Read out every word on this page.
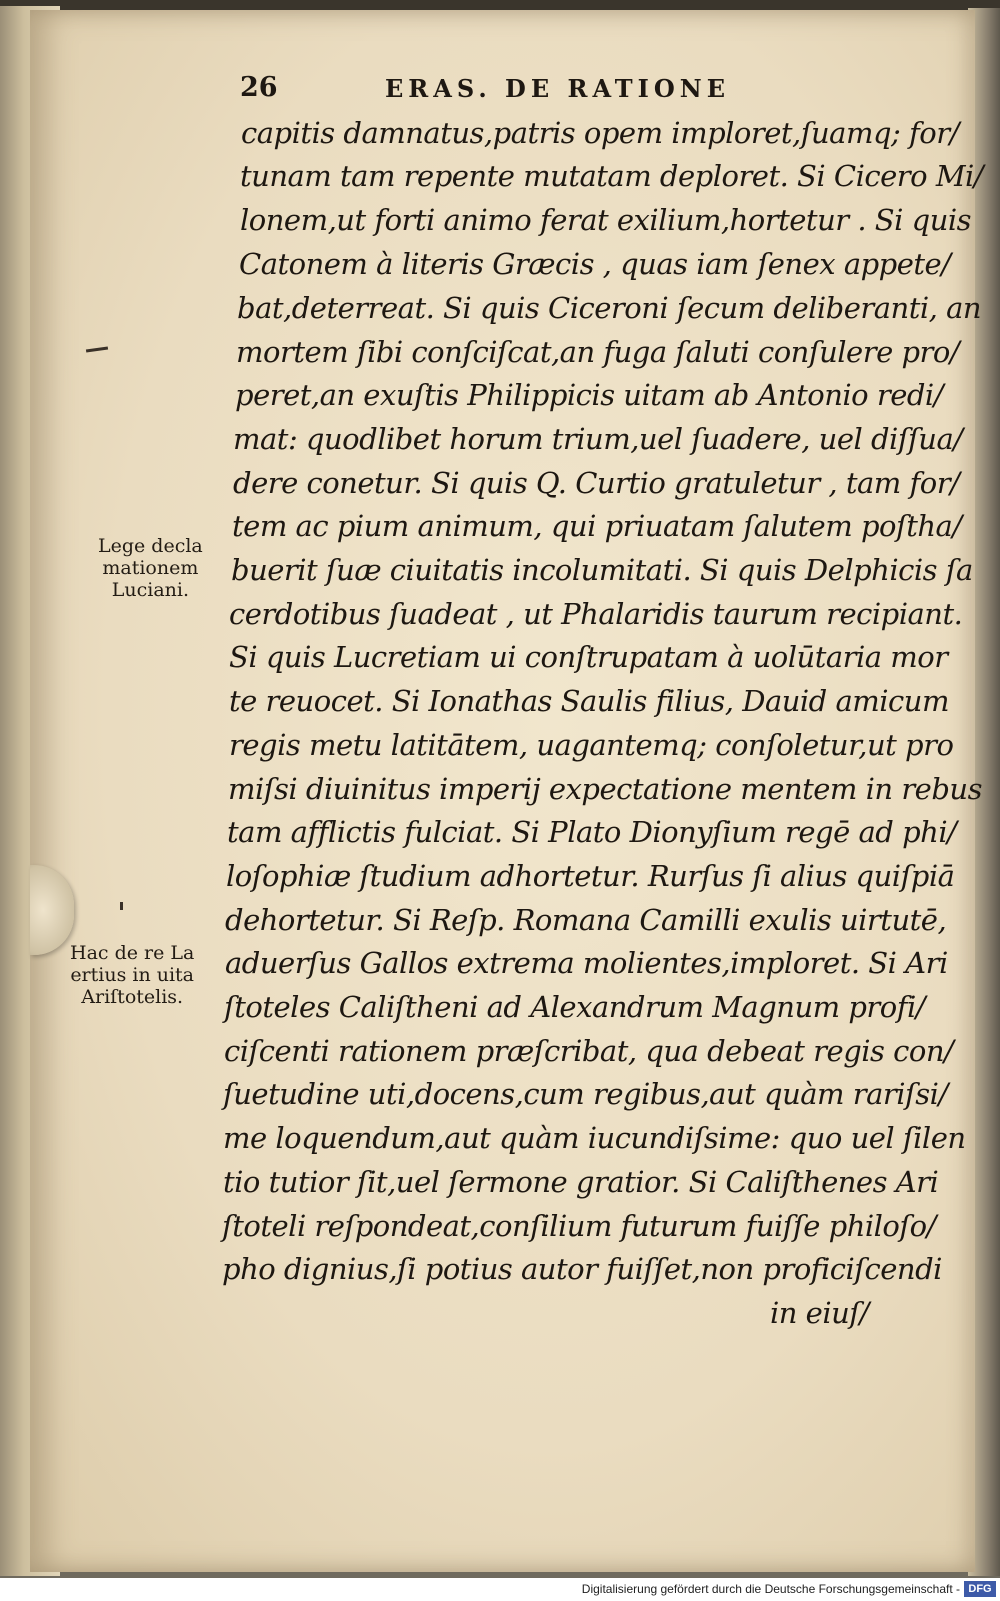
26	ERAS. DE RATIONE
capitis damnatus,patris opem imploret,ſuamq; for/
tunam tam repente mutatam deploret. Si Cicero Mi/
lonem,ut forti animo ferat exilium,hortetur . Si quis
Catonem à literis Græcis , quas iam ſenex appete/
bat,deterreat. Si quis Ciceroni ſecum deliberanti, an
mortem ſibi conſciſcat,an fuga ſaluti conſulere pro/
peret,an exuſtis Philippicis uitam ab Antonio redi/
mat: quodlibet horum trium,uel ſuadere, uel diſſua/
dere conetur. Si quis Q. Curtio gratuletur , tam for/
tem ac pium animum, qui priuatam ſalutem poſtha/
buerit ſuæ ciuitatis incolumitati. Si quis Delphicis ſa
cerdotibus ſuadeat , ut Phalaridis taurum recipiant.
Si quis Lucretiam ui conſtrupatam à uolūtaria mor
te reuocet. Si Ionathas Saulis filius, Dauid amicum
regis metu latitātem, uagantemq; conſoletur,ut pro
miſsi diuinitus imperij expectatione mentem in rebus
tam afflictis fulciat. Si Plato Dionyſium regē ad phi/
loſophiæ ſtudium adhortetur. Rurſus ſi alius quiſpiā
dehortetur. Si Reſp. Romana Camilli exulis uirtutē,
aduerſus Gallos extrema molientes,imploret. Si Ari
ſtoteles Caliſtheni ad Alexandrum Magnum profi/
ciſcenti rationem præſcribat, qua debeat regis con/
ſuetudine uti,docens,cum regibus,aut quàm rariſsi/
me loquendum,aut quàm iucundiſsime: quo uel ſilen
tio tutior ſit,uel ſermone gratior. Si Caliſthenes Ari
ſtoteli reſpondeat,conſilium futurum fuiſſe philoſo/
pho dignius,ſi potius autor fuiſſet,non proficiſcendi
in eiuſ/
Lege decla
mationem
Luciani.
Hac de re La
ertius in uita
Ariſtotelis.
Digitalisierung gefördert durch die Deutsche Forschungsgemeinschaft - DFG
